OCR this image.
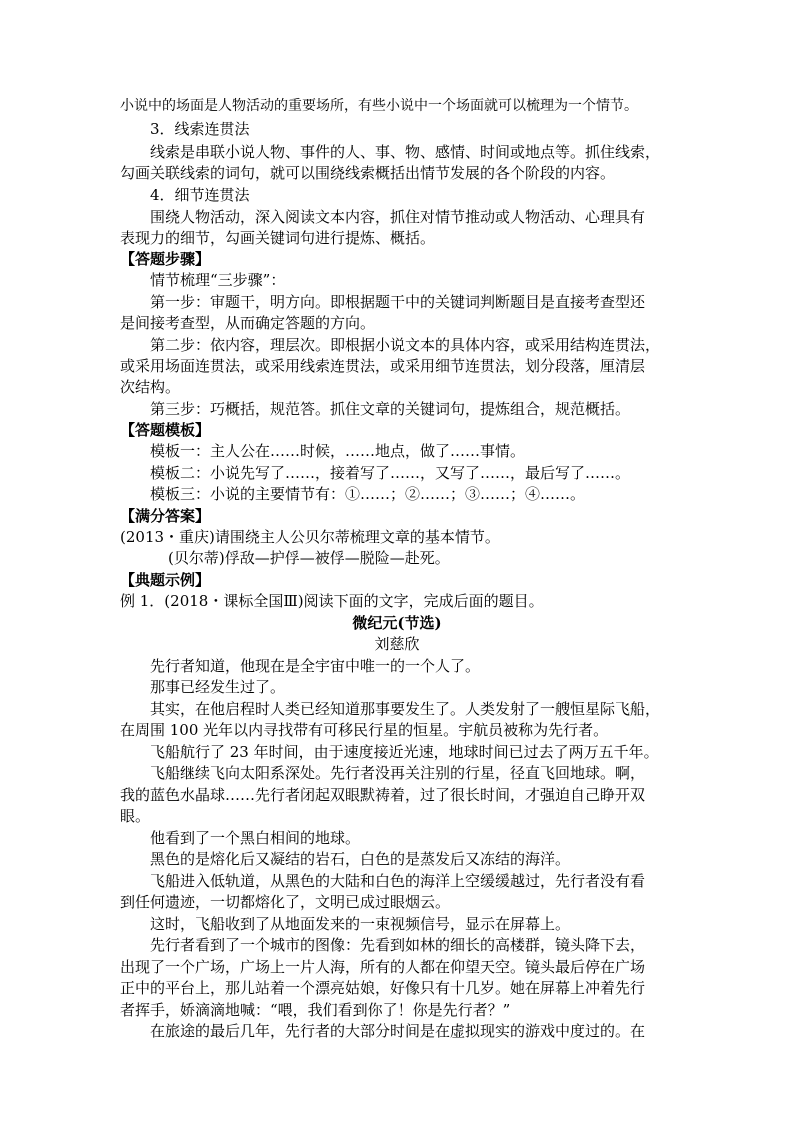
小说中的场面是人物活动的重要场所，有些小说中一个场面就可以梳理为一个情节。
3．线索连贯法
线索是串联小说人物、事件的人、事、物、感情、时间或地点等。抓住线索，
勾画关联线索的词句，就可以围绕线索概括出情节发展的各个阶段的内容。
4．细节连贯法
围绕人物活动，深入阅读文本内容，抓住对情节推动或人物活动、心理具有
表现力的细节，勾画关键词句进行提炼、概括。
【答题步骤】
情节梳理“三步骤”：
第一步：审题干，明方向。即根据题干中的关键词判断题目是直接考查型还
是间接考查型，从而确定答题的方向。
第二步：依内容，理层次。即根据小说文本的具体内容，或采用结构连贯法，
或采用场面连贯法，或采用线索连贯法，或采用细节连贯法，划分段落，厘清层
次结构。
第三步：巧概括，规范答。抓住文章的关键词句，提炼组合，规范概括。
【答题模板】
模板一：主人公在……时候，……地点，做了……事情。
模板二：小说先写了……，接着写了……，又写了……，最后写了……。
模板三：小说的主要情节有：①……；②……；③……；④……。
【满分答案】
(2013・重庆)请围绕主人公贝尔蒂梳理文章的基本情节。
(贝尔蒂)俘敌—护俘—被俘—脱险—赴死。
【典题示例】
例 1．(2018・课标全国Ⅲ)阅读下面的文字，完成后面的题目。
微纪元(节选)
刘慈欣
先行者知道，他现在是全宇宙中唯一的一个人了。
那事已经发生过了。
其实，在他启程时人类已经知道那事要发生了。人类发射了一艘恒星际飞船，
在周围 100 光年以内寻找带有可移民行星的恒星。宇航员被称为先行者。
飞船航行了 23 年时间，由于速度接近光速，地球时间已过去了两万五千年。
飞船继续飞向太阳系深处。先行者没再关注别的行星，径直飞回地球。啊，
我的蓝色水晶球……先行者闭起双眼默祷着，过了很长时间，才强迫自己睁开双
眼。
他看到了一个黑白相间的地球。
黑色的是熔化后又凝结的岩石，白色的是蒸发后又冻结的海洋。
飞船进入低轨道，从黑色的大陆和白色的海洋上空缓缓越过，先行者没有看
到任何遗迹，一切都熔化了，文明已成过眼烟云。
这时，飞船收到了从地面发来的一束视频信号，显示在屏幕上。
先行者看到了一个城市的图像：先看到如林的细长的高楼群，镜头降下去，
出现了一个广场，广场上一片人海，所有的人都在仰望天空。镜头最后停在广场
正中的平台上，那儿站着一个漂亮姑娘，好像只有十几岁。她在屏幕上冲着先行
者挥手，娇滴滴地喊：“喂，我们看到你了！你是先行者？”
在旅途的最后几年，先行者的大部分时间是在虚拟现实的游戏中度过的。在
